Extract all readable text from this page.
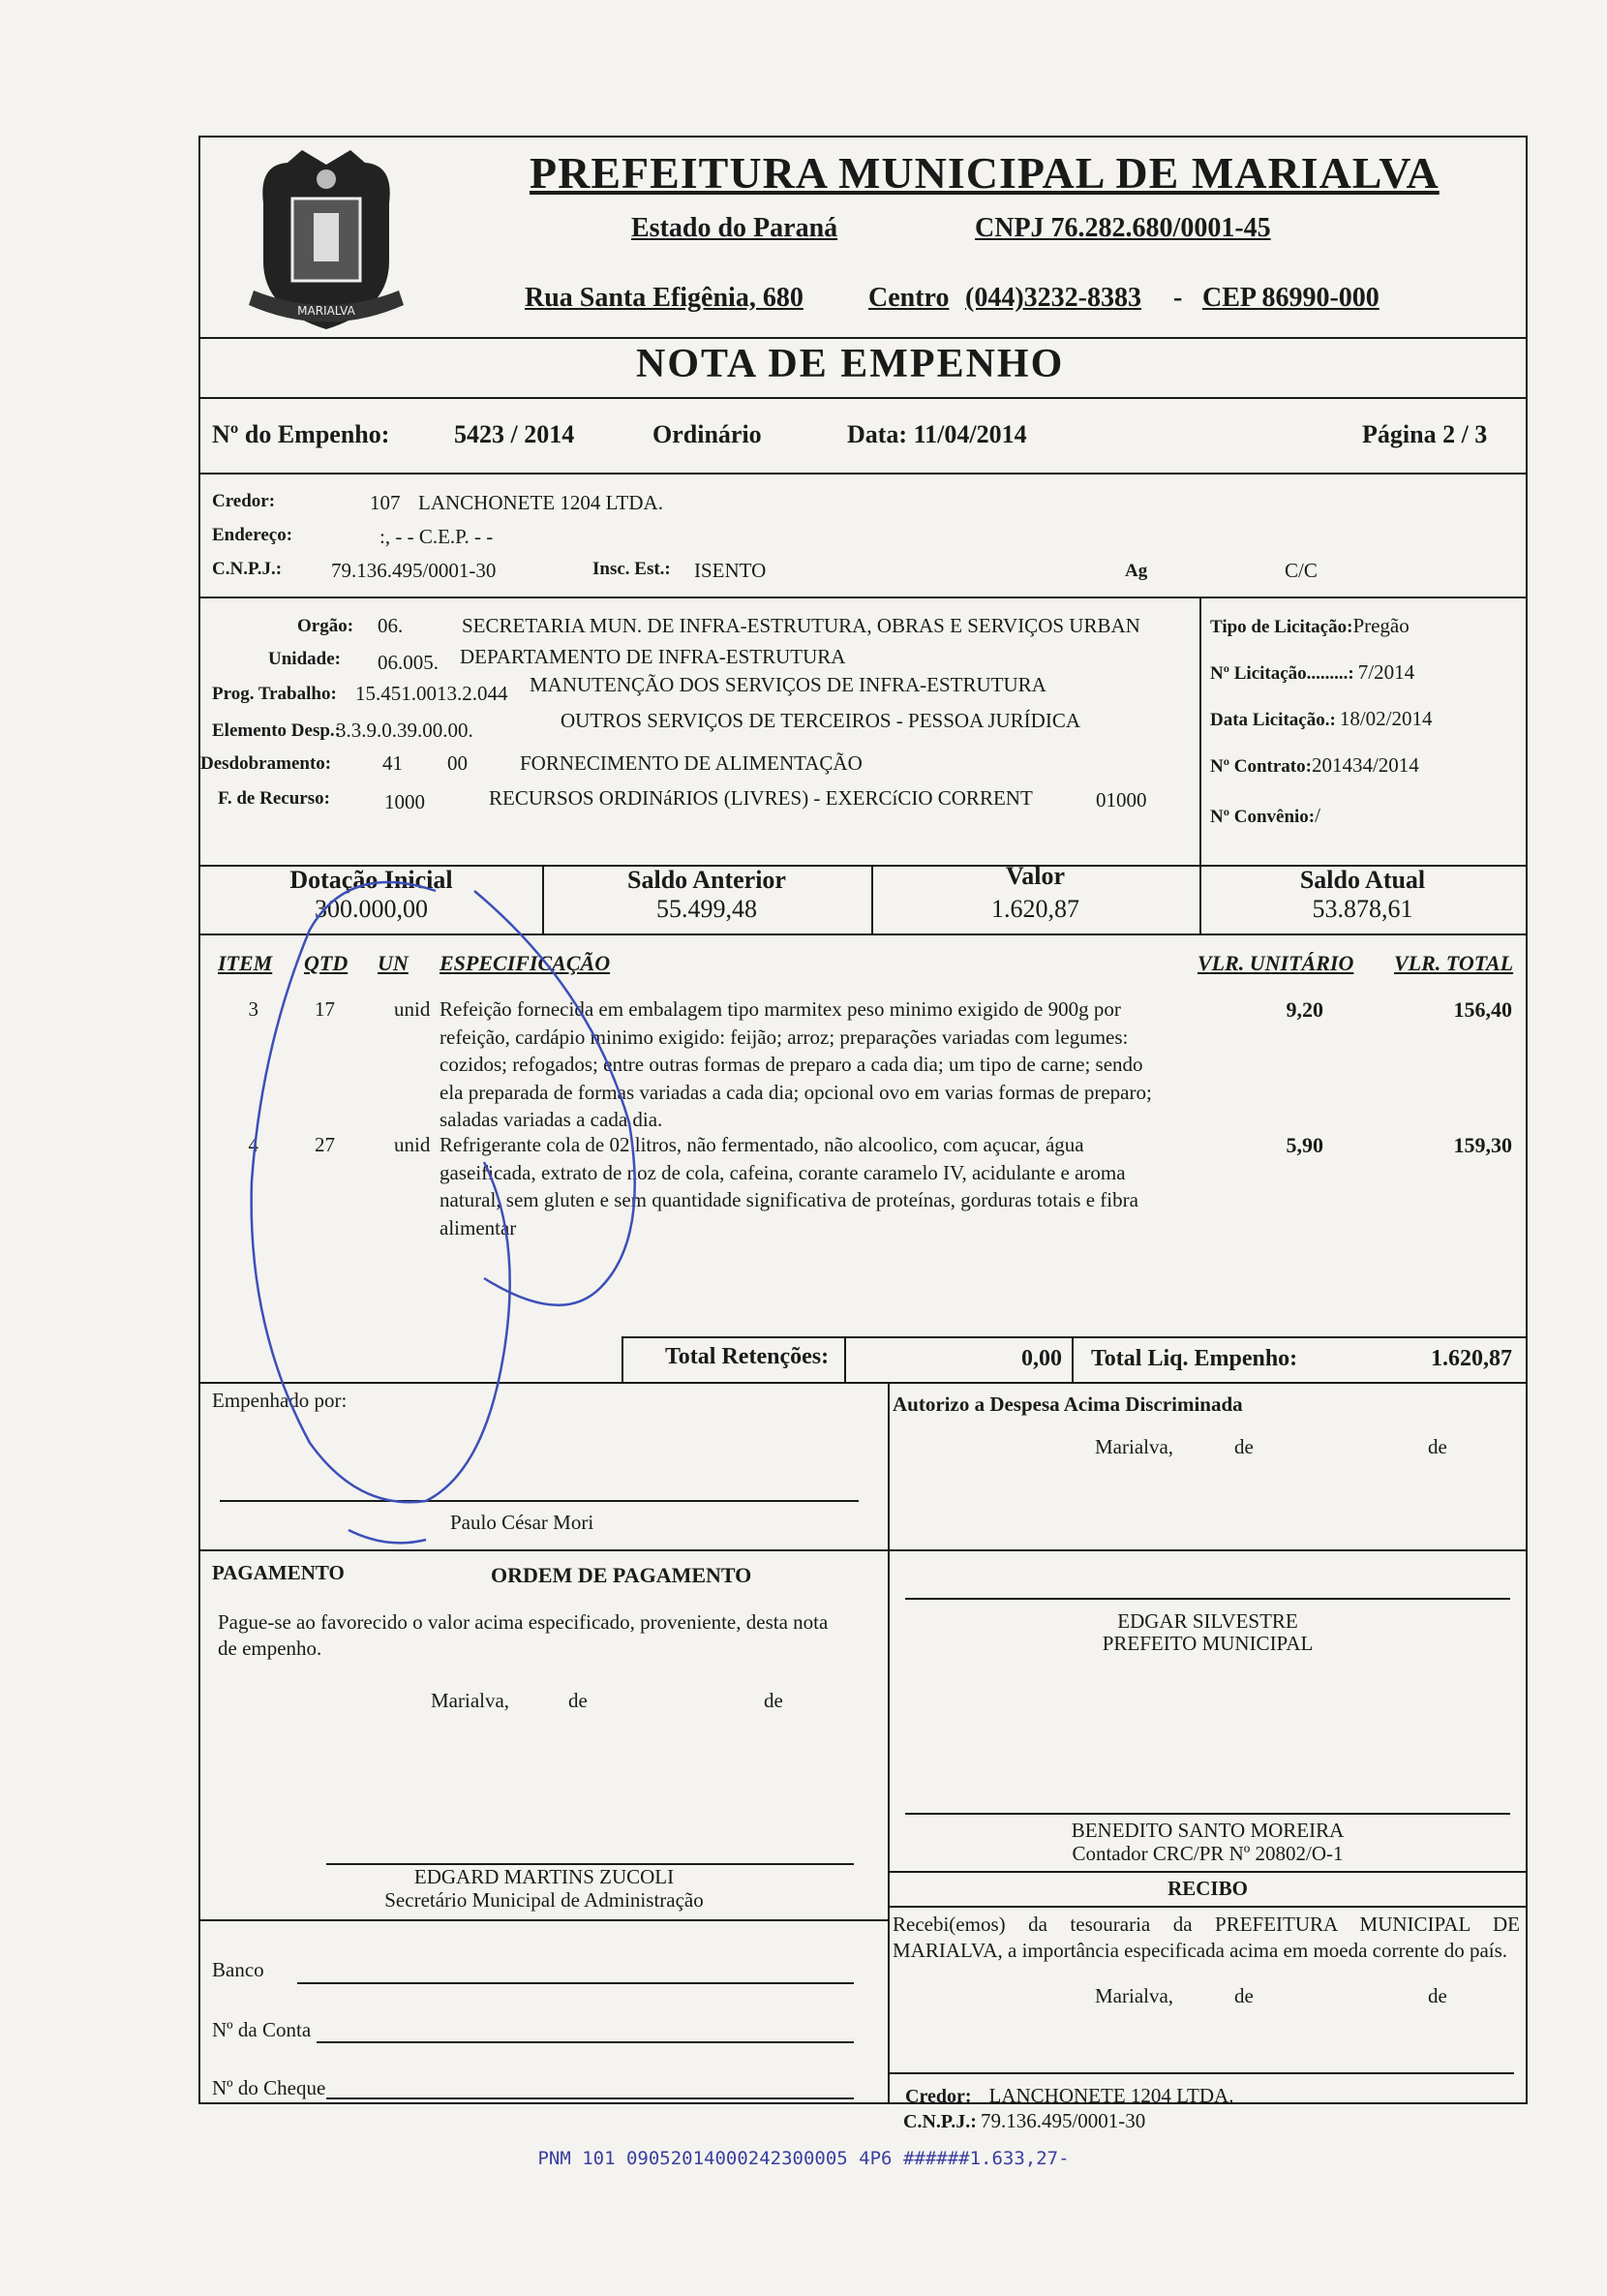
MARIALVA
PREFEITURA MUNICIPAL DE MARIALVA
Estado do Paraná	CNPJ 76.282.680/0001-45
Rua Santa Efigênia, 680 Centro (044)3232-8383 - CEP 86990-000
NOTA DE EMPENHO
Nº do Empenho:	5423 / 2014	Ordinário	Data: 11/04/2014	Página 2 / 3
Credor:	107 LANCHONETE 1204 LTDA.
Endereço:	:, - - C.E.P. - -
C.N.P.J.: 79.136.495/0001-30	Insc. Est.: ISENTO	Ag	C/C
Orgão: 06.	SECRETARIA MUN. DE INFRA-ESTRUTURA, OBRAS E SERVIÇOS URBAN
Unidade: 06.005. DEPARTAMENTO DE INFRA-ESTRUTURA
Prog. Trabalho: 15.451.0013.2.044 MANUTENÇÃO DOS SERVIÇOS DE INFRA-ESTRUTURA
Elemento Desp.:
3.3.9.0.39.00.00.	OUTROS SERVIÇOS DE TERCEIROS - PESSOA JURÍDICA
Desdobramento:	41 00	FORNECIMENTO DE ALIMENTAÇÃO
F. de Recurso:	1000	RECURSOS ORDINáRIOS (LIVRES) - EXERCíCIO CORRENT	01000
Tipo de Licitação:Pregão
Nº Licitação.........: 7/2014
Data Licitação.: 18/02/2014
Nº Contrato:201434/2014
Nº Convênio:/
Dotação Inicial
300.000,00
Saldo Anterior
55.499,48
Valor
1.620,87
Saldo Atual
53.878,61
ITEM QTD UN ESPECIFICAÇÃO	VLR. UNITÁRIO VLR. TOTAL
3	17	unid Refeição fornecida em embalagem tipo marmitex peso minimo exigido de 900g por refeição, cardápio minimo exigido: feijão; arroz; preparações variadas com legumes: cozidos; refogados; entre outras formas de preparo a cada dia; um tipo de carne; sendo ela preparada de formas variadas a cada dia; opcional ovo em varias formas de preparo; saladas variadas a cada dia.
9,20	156,40
4	27	unid Refrigerante cola de 02 litros, não fermentado, não alcoolico, com açucar, água gaseificada, extrato de noz de cola, cafeina, corante caramelo IV, acidulante e aroma natural, sem gluten e sem quantidade significativa de proteínas, gorduras totais e fibra alimentar
5,90	159,30
Total Retenções:	0,00 Total Liq. Empenho:	1.620,87
Empenhado por:	Autorizo a Despesa Acima Discriminada
Marialva,	de	de
Paulo César Mori
PAGAMENTO	ORDEM DE PAGAMENTO
Pague-se ao favorecido o valor acima especificado, proveniente, desta nota de empenho.
Marialva,	de	de
EDGAR SILVESTRE
PREFEITO MUNICIPAL
BENEDITO SANTO MOREIRA
Contador CRC/PR Nº 20802/O-1
EDGARD MARTINS ZUCOLI
Secretário Municipal de Administração	RECIBO
Recebi(emos) da tesouraria da PREFEITURA MUNICIPAL DE MARIALVA, a importância especificada acima em moeda corrente do país.
Marialva,	de	de
Banco
Nº da Conta
Nº do Cheque	Credor: LANCHONETE 1204 LTDA.
C.N.P.J.: 79.136.495/0001-30
PNM 101 09052014000242300005 4P6 ######1.633,27-
